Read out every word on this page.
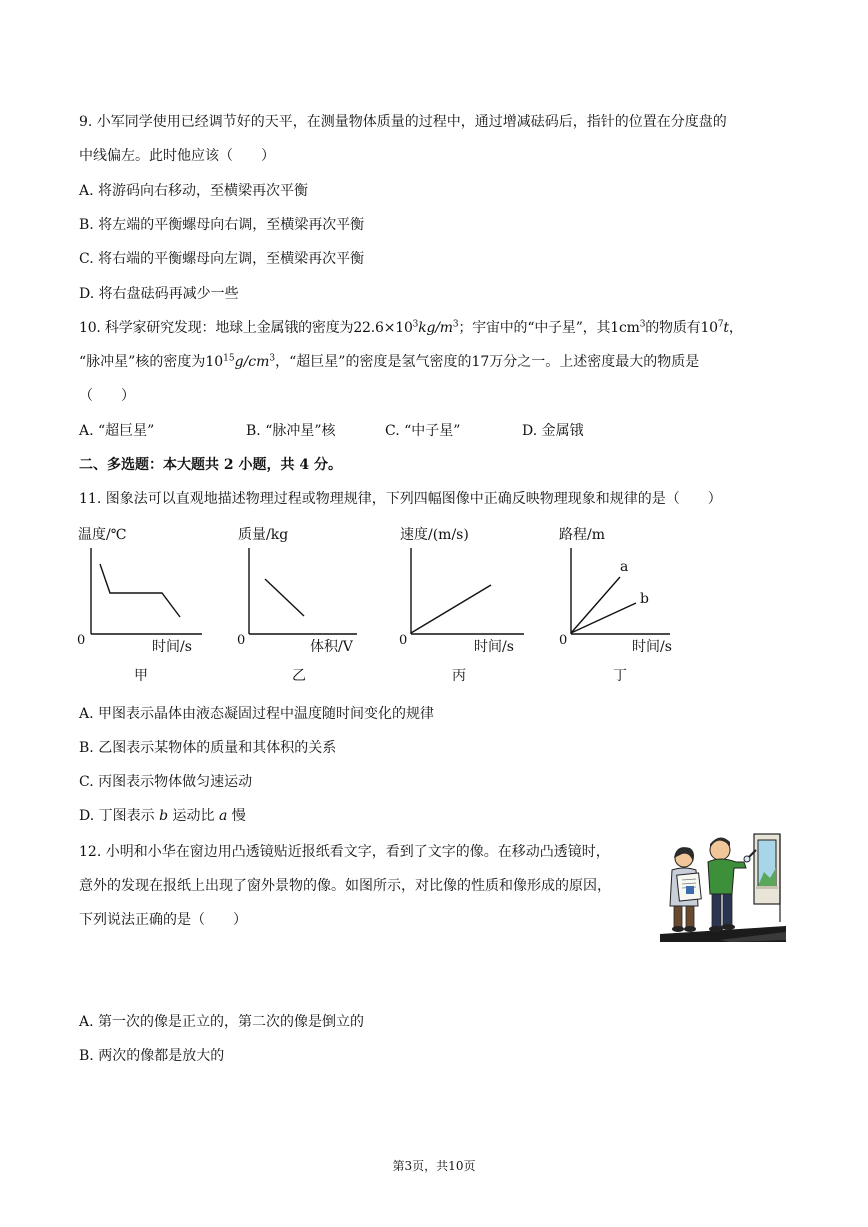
9. 小军同学使用已经调节好的天平，在测量物体质量的过程中，通过增减砝码后，指针的位置在分度盘的
中线偏左。此时他应该（　　）
A. 将游码向右移动，至横梁再次平衡
B. 将左端的平衡螺母向右调，至横梁再次平衡
C. 将右端的平衡螺母向左调，至横梁再次平衡
D. 将右盘砝码再减少一些
10. 科学家研究发现：地球上金属锇的密度为$22.6\times 10^3kg/m^3$；宇宙中的“中子星”，其$1cm^3$的物质有$10^7t$，
“脉冲星”核的密度为$10^{15}g/cm^3$，“超巨星”的密度是氢气密度的17万分之一。上述密度最大的物质是
（　　）
A. “超巨星”	B. “脉冲星”核	C. “中子星”	D. 金属锇
二、多选题：本大题共 2 小题，共 4 分。
11. 图象法可以直观地描述物理过程或物理规律，下列四幅图像中正确反映物理现象和规律的是（　　）
温度/℃
0	时间/s
甲
质量/kg
0	体积/V
乙
速度/(m/s)
0	时间/s
丙
路程/m
a
b
0	时间/s
丁
A. 甲图表示晶体由液态凝固过程中温度随时间变化的规律
B. 乙图表示某物体的质量和其体积的关系
C. 丙图表示物体做匀速运动
D. 丁图表示 b 运动比 a 慢
12. 小明和小华在窗边用凸透镜贴近报纸看文字，看到了文字的像。在移动凸透镜时，
意外的发现在报纸上出现了窗外景物的像。如图所示，对比像的性质和像形成的原因，
下列说法正确的是（　　）
A. 第一次的像是正立的，第二次的像是倒立的
B. 两次的像都是放大的
第3页，共10页
